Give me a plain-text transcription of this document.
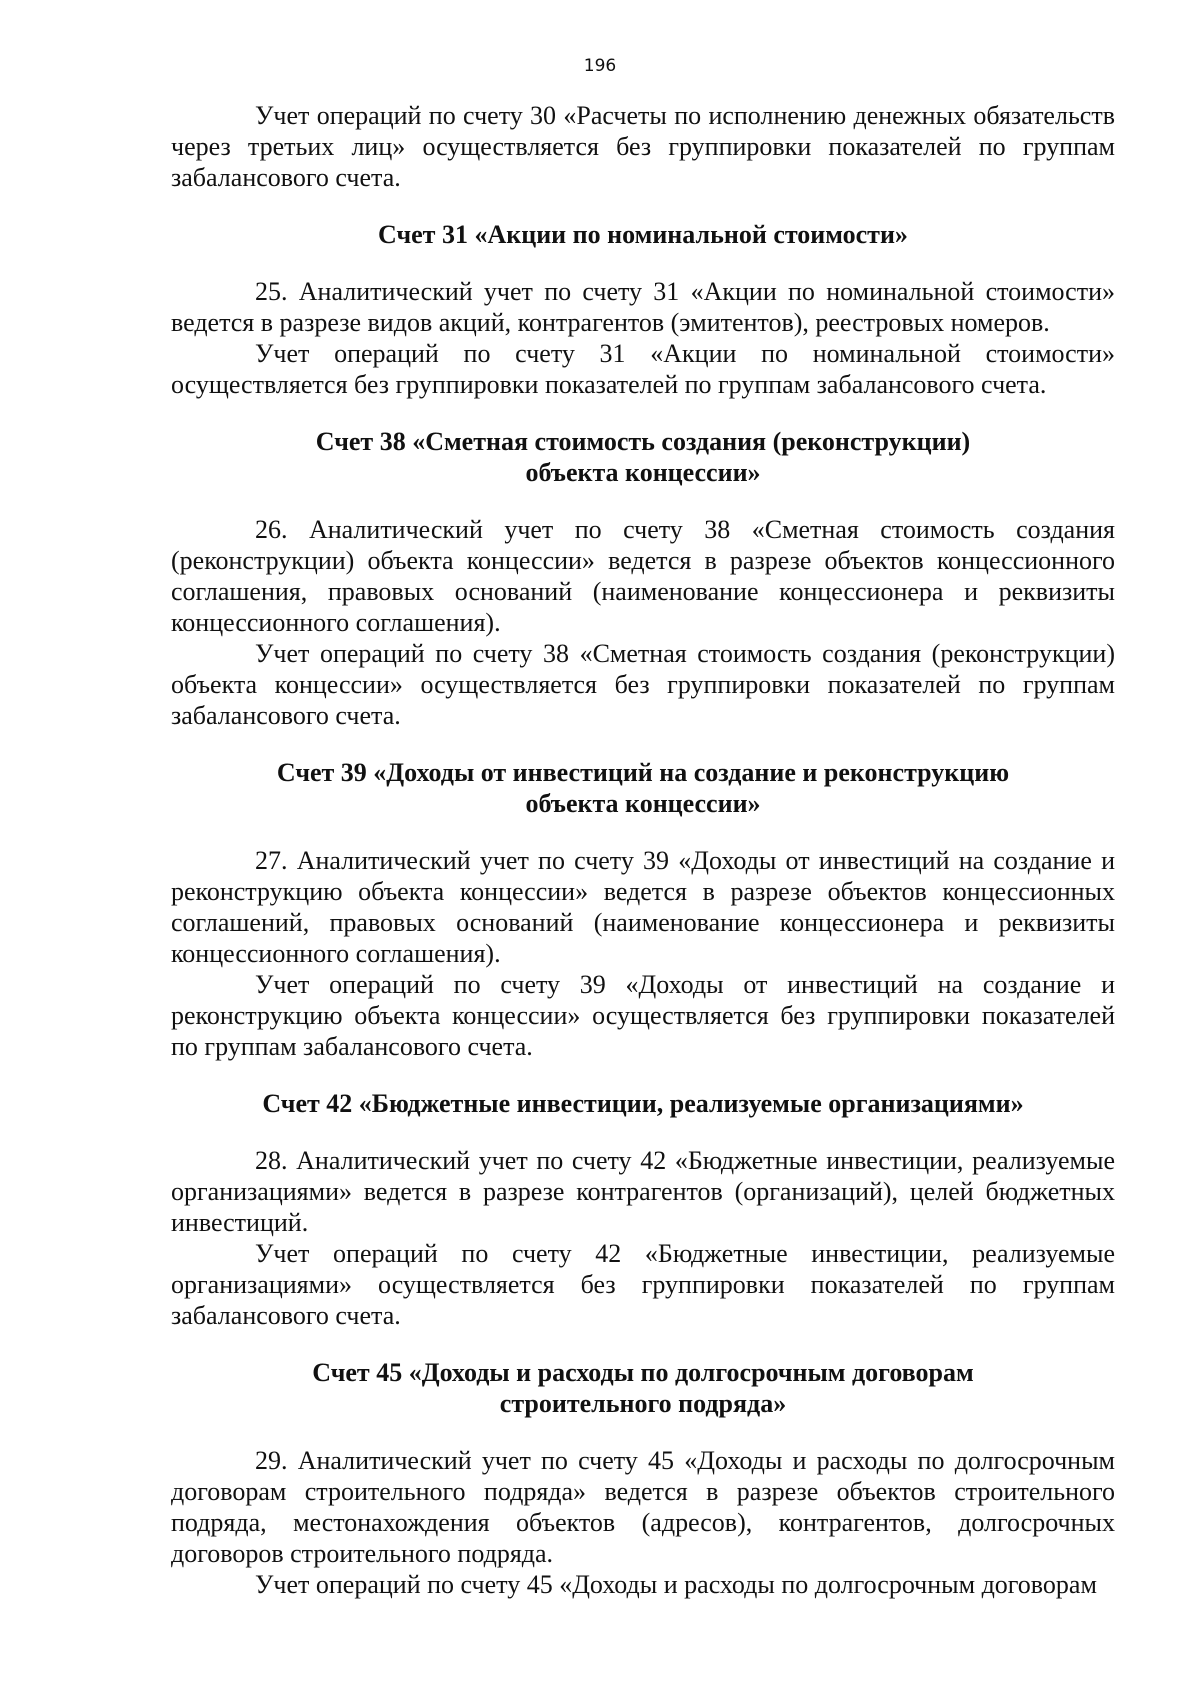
196

Учет операций по счету 30 «Расчеты по исполнению денежных обязательств через третьих лиц» осуществляется без группировки показателей по группам забалансового счета.

Счет 31 «Акции по номинальной стоимости»

25. Аналитический учет по счету 31 «Акции по номинальной стоимости» ведется в разрезе видов акций, контрагентов (эмитентов), реестровых номеров.

Учет операций по счету 31 «Акции по номинальной стоимости» осуществляется без группировки показателей по группам забалансового счета.

Счет 38 «Сметная стоимость создания (реконструкции)

объекта концессии»

26. Аналитический учет по счету 38 «Сметная стоимость создания (реконструкции) объекта концессии» ведется в разрезе объектов концессионного соглашения, правовых оснований (наименование концессионера и реквизиты концессионного соглашения).

Учет операций по счету 38 «Сметная стоимость создания (реконструкции) объекта концессии» осуществляется без группировки показателей по группам забалансового счета.

Счет 39 «Доходы от инвестиций на создание и реконструкцию

объекта концессии»

27. Аналитический учет по счету 39 «Доходы от инвестиций на создание и реконструкцию объекта концессии» ведется в разрезе объектов концессионных соглашений, правовых оснований (наименование концессионера и реквизиты концессионного соглашения).

Учет операций по счету 39 «Доходы от инвестиций на создание и реконструкцию объекта концессии» осуществляется без группировки показателей по группам забалансового счета.

Счет 42 «Бюджетные инвестиции, реализуемые организациями»

28. Аналитический учет по счету 42 «Бюджетные инвестиции, реализуемые организациями» ведется в разрезе контрагентов (организаций), целей бюджетных инвестиций.

Учет операций по счету 42 «Бюджетные инвестиции, реализуемые организациями» осуществляется без группировки показателей по группам забалансового счета.

Счет 45 «Доходы и расходы по долгосрочным договорам

строительного подряда»

29. Аналитический учет по счету 45 «Доходы и расходы по долгосрочным договорам строительного подряда» ведется в разрезе объектов строительного подряда, местонахождения объектов (адресов), контрагентов, долгосрочных договоров строительного подряда.

Учет операций по счету 45 «Доходы и расходы по долгосрочным договорам
